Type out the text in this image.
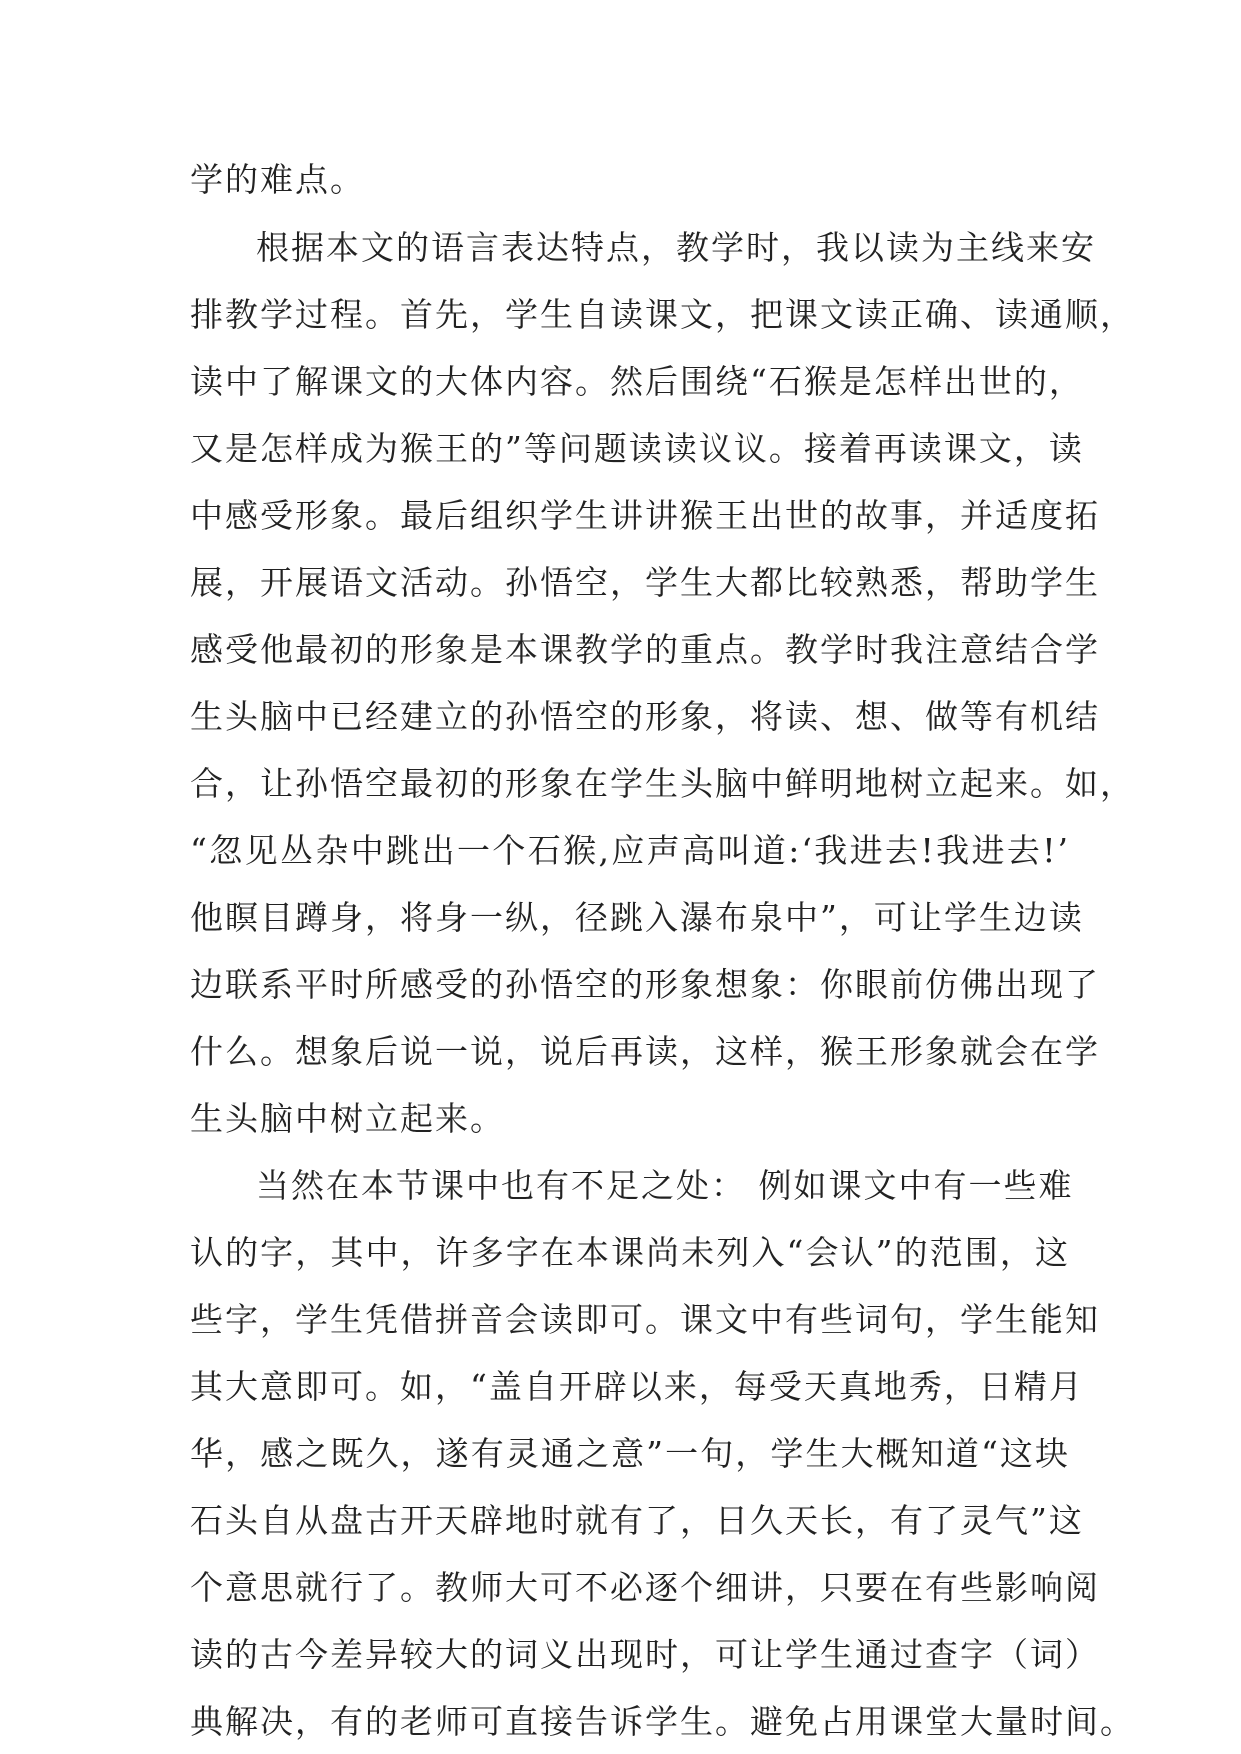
学的难点。
根据本文的语言表达特点，教学时，我以读为主线来安
排教学过程。首先，学生自读课文，把课文读正确、读通顺，
读中了解课文的大体内容。然后围绕“石猴是怎样出世的，
又是怎样成为猴王的”等问题读读议议。接着再读课文，读
中感受形象。最后组织学生讲讲猴王出世的故事，并适度拓
展，开展语文活动。孙悟空，学生大都比较熟悉，帮助学生
感受他最初的形象是本课教学的重点。教学时我注意结合学
生头脑中已经建立的孙悟空的形象，将读、想、做等有机结
合，让孙悟空最初的形象在学生头脑中鲜明地树立起来。如，
“忽见丛杂中跳出一个石猴,应声高叫道:‘我进去!我进去!’
他瞑目蹲身，将身一纵，径跳入瀑布泉中”，可让学生边读
边联系平时所感受的孙悟空的形象想象：你眼前仿佛出现了
什么。想象后说一说，说后再读，这样，猴王形象就会在学
生头脑中树立起来。
当然在本节课中也有不足之处： 例如课文中有一些难
认的字，其中，许多字在本课尚未列入“会认”的范围，这
些字，学生凭借拼音会读即可。课文中有些词句，学生能知
其大意即可。如，“盖自开辟以来，每受天真地秀，日精月
华，感之既久，遂有灵通之意”一句，学生大概知道“这块
石头自从盘古开天辟地时就有了，日久天长，有了灵气”这
个意思就行了。教师大可不必逐个细讲，只要在有些影响阅
读的古今差异较大的词义出现时，可让学生通过查字（词）
典解决，有的老师可直接告诉学生。避免占用课堂大量时间。
